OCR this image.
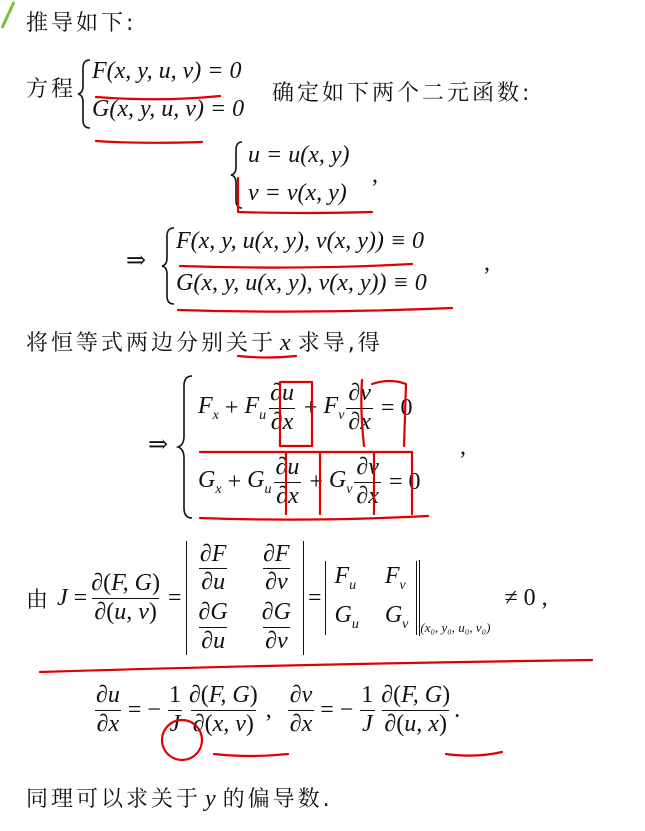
推导如下:
方程
F(x, y, u, v) = 0
G(x, y, u, v) = 0
确定如下两个二元函数:
u = u(x, y)
v = v(x, y)
,
⇒
F(x, y, u(x, y), v(x, y)) ≡ 0
G(x, y, u(x, y), v(x, y)) ≡ 0
,
将恒等式两边分别关于 x 求导,得
⇒
$F_x + F_u \frac{\partial u}{\partial x} + F_v \frac{\partial v}{\partial x} = 0$
$G_x + G_u \frac{\partial u}{\partial x} + G_v \frac{\partial v}{\partial x} = 0$
,
由 $J = \frac{\partial(F, G)}{\partial(u, v)}$ =
$\frac{\partial F}{\partial u} \frac{\partial F}{\partial v}$
$\frac{\partial G}{\partial u} \frac{\partial G}{\partial v}$
=
$F_u$ $F_v$
$G_u$ $G_v$ (x₀, y₀, u₀, v₀)
≠ 0 ,
$\frac{\partial u}{\partial x}$ = − $\frac{1}{J} \frac{\partial(F, G)}{\partial(x, v)}$ , $\frac{\partial v}{\partial x}$ = − $\frac{1}{J} \frac{\partial(F, G)}{\partial(u, x)}$ .
同理可以求关于 y 的偏导数.
